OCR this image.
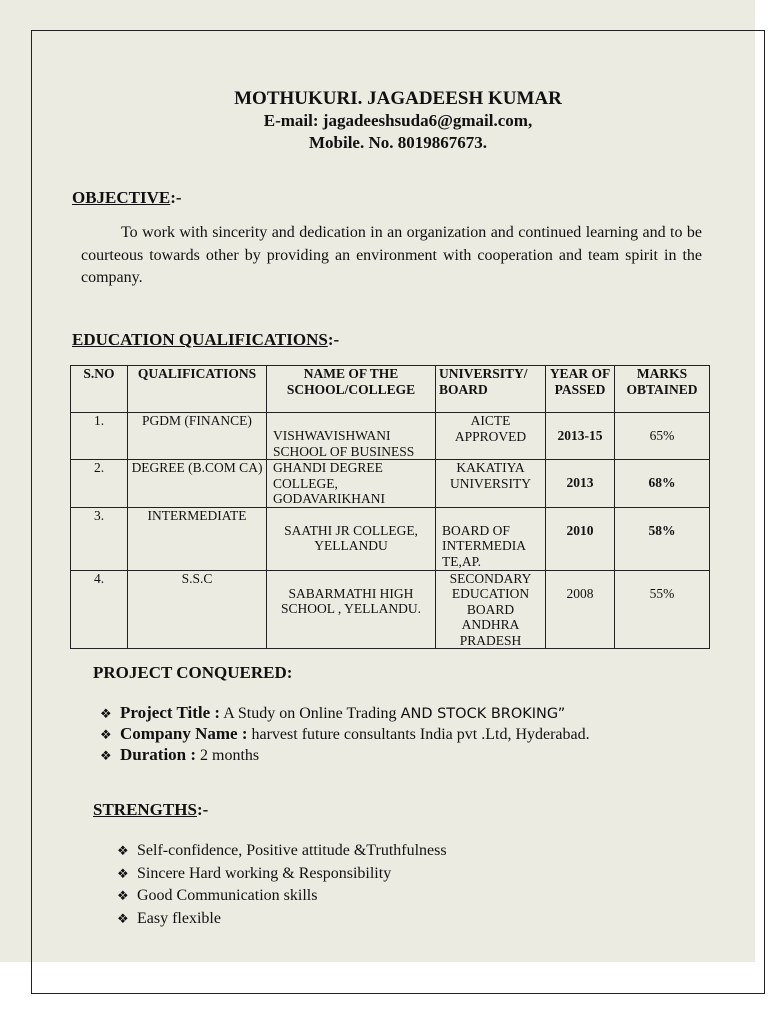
MOTHUKURI. JAGADEESH KUMAR
E-mail: jagadeeshsuda6@gmail.com,
Mobile. No. 8019867673.
OBJECTIVE:-
To work with sincerity and dedication in an organization and continued learning and to be courteous towards other by providing an environment with cooperation and team spirit in the company.
EDUCATION QUALIFICATIONS:-
S.NO	QUALIFICATIONS	NAME OF THE SCHOOL/COLLEGE	UNIVERSITY/ BOARD	YEAR OF PASSED	MARKS OBTAINED
1.	PGDM (FINANCE)	VISHWAVISHWANI SCHOOL OF BUSINESS	AICTE APPROVED	2013-15	65%
2.	DEGREE (B.COM CA)	GHANDI DEGREE COLLEGE, GODAVARIKHANI	KAKATIYA UNIVERSITY	2013	68%
3.	INTERMEDIATE	SAATHI JR COLLEGE, YELLANDU	BOARD OF INTERMEDIA TE,AP.	2010	58%
4.	S.S.C	SABARMATHI HIGH SCHOOL , YELLANDU.	SECONDARY EDUCATION BOARD ANDHRA PRADESH	2008	55%
PROJECT CONQUERED:
❖ Project Title : A Study on Online Trading AND STOCK BROKING”
❖ Company Name : harvest future consultants India pvt .Ltd, Hyderabad.
❖ Duration : 2 months
STRENGTHS:-
❖ Self-confidence, Positive attitude &Truthfulness
❖ Sincere Hard working & Responsibility
❖ Good Communication skills
❖ Easy flexible
